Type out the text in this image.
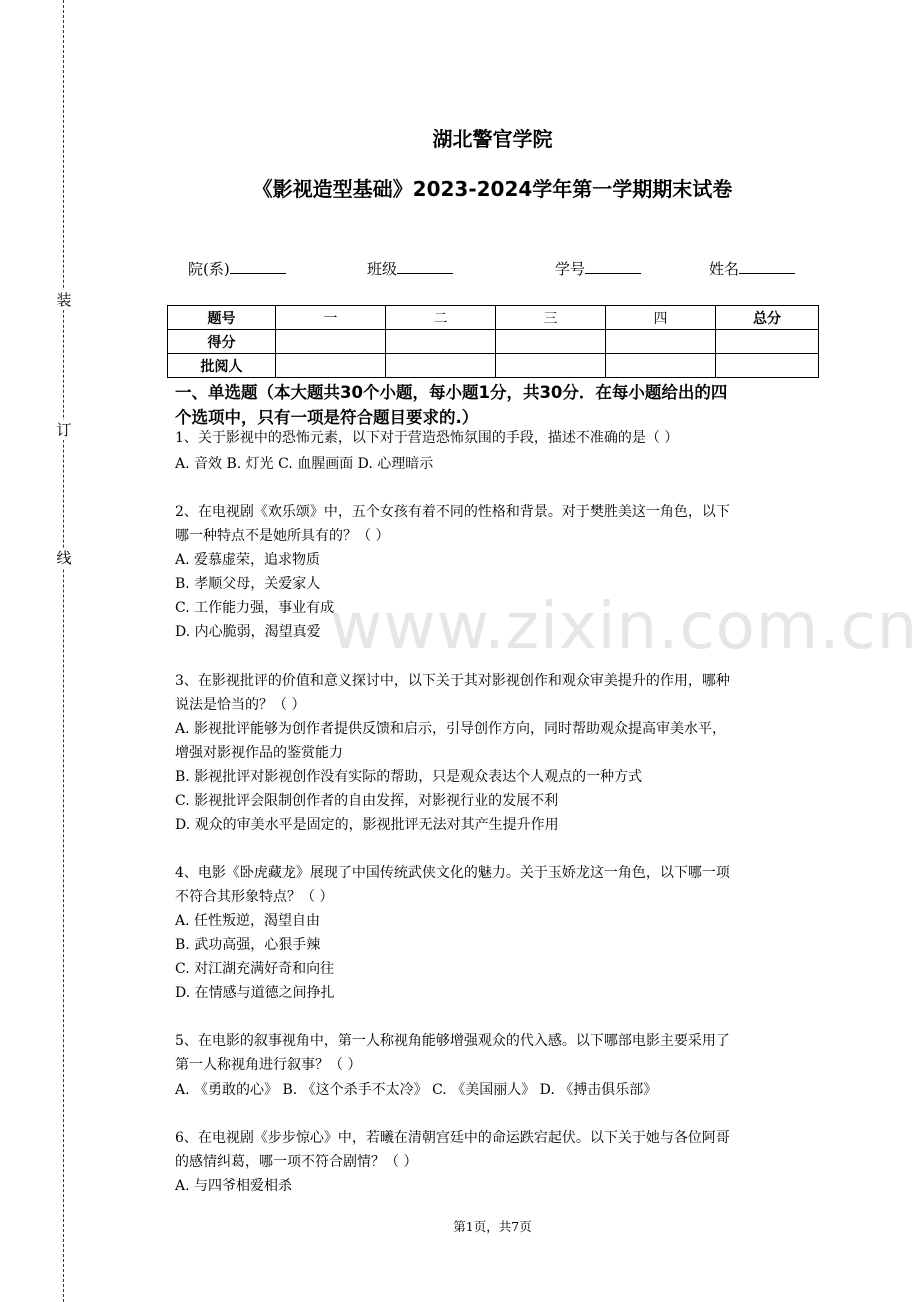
装
订
线
www.zixin.com.cn
湖北警官学院
《影视造型基础》2023-2024学年第一学期期末试卷
院(系)	班级	学号	姓名
题号	一	二	三	四	总分
得分					
批阅人					
一、单选题（本大题共30个小题，每小题1分，共30分．在每小题给出的四
个选项中，只有一项是符合题目要求的.）
1、关于影视中的恐怖元素，以下对于营造恐怖氛围的手段，描述不准确的是（ ）
A. 音效 B. 灯光 C. 血腥画面 D. 心理暗示
2、在电视剧《欢乐颂》中，五个女孩有着不同的性格和背景。对于樊胜美这一角色，以下
哪一种特点不是她所具有的？（ ）
A. 爱慕虚荣，追求物质
B. 孝顺父母，关爱家人
C. 工作能力强，事业有成
D. 内心脆弱，渴望真爱
3、在影视批评的价值和意义探讨中，以下关于其对影视创作和观众审美提升的作用，哪种
说法是恰当的？（ ）
A. 影视批评能够为创作者提供反馈和启示，引导创作方向，同时帮助观众提高审美水平，
增强对影视作品的鉴赏能力
B. 影视批评对影视创作没有实际的帮助，只是观众表达个人观点的一种方式
C. 影视批评会限制创作者的自由发挥，对影视行业的发展不利
D. 观众的审美水平是固定的，影视批评无法对其产生提升作用
4、电影《卧虎藏龙》展现了中国传统武侠文化的魅力。关于玉娇龙这一角色，以下哪一项
不符合其形象特点？（ ）
A. 任性叛逆，渴望自由
B. 武功高强，心狠手辣
C. 对江湖充满好奇和向往
D. 在情感与道德之间挣扎
5、在电影的叙事视角中，第一人称视角能够增强观众的代入感。以下哪部电影主要采用了
第一人称视角进行叙事？（ ）
A. 《勇敢的心》 B. 《这个杀手不太冷》 C. 《美国丽人》 D. 《搏击俱乐部》
6、在电视剧《步步惊心》中，若曦在清朝宫廷中的命运跌宕起伏。以下关于她与各位阿哥
的感情纠葛，哪一项不符合剧情？（ ）
A. 与四爷相爱相杀
第1页，共7页
